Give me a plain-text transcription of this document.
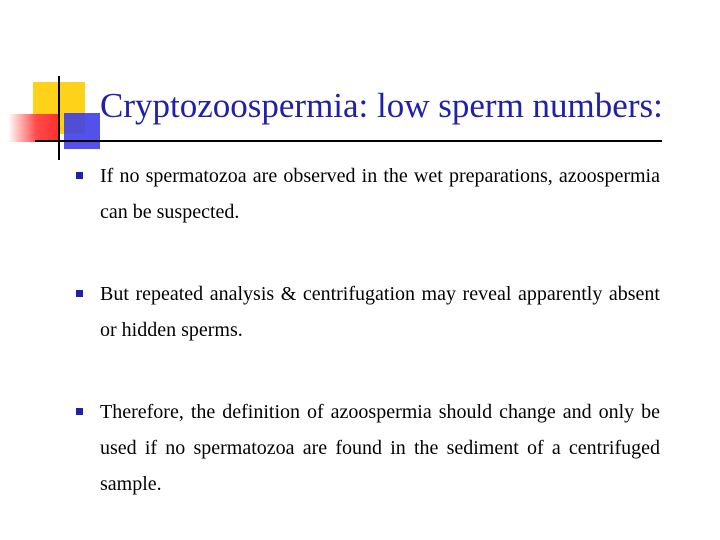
Cryptozoospermia: low sperm numbers:
If no spermatozoa are observed in the wet preparations, azoospermia can be suspected.
But repeated analysis & centrifugation may reveal apparently absent or hidden sperms.
Therefore, the definition of azoospermia should change and only be used if no spermatozoa are found in the sediment of a centrifuged sample.
